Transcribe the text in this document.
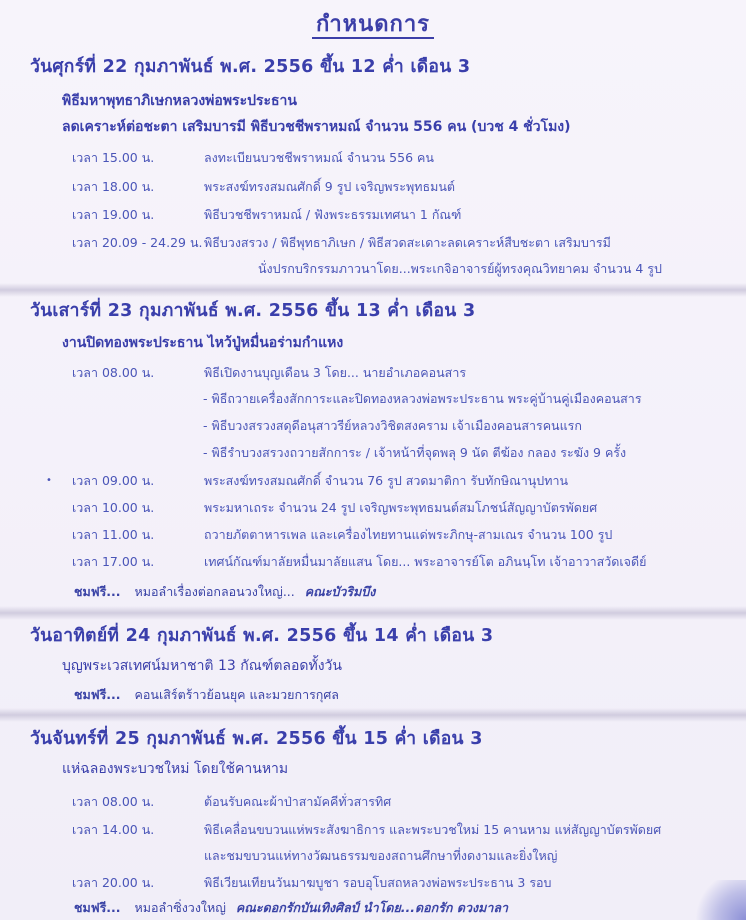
กำหนดการ
วันศุกร์ที่ 22 กุมภาพันธ์ พ.ศ. 2556 ขึ้น 12 ค่ำ เดือน 3
พิธีมหาพุทธาภิเษกหลวงพ่อพระประธาน
ลดเคราะห์ต่อชะตา เสริมบารมี พิธีบวชชีพราหมณ์ จำนวน 556 คน (บวช 4 ชั่วโมง)
เวลา 15.00 น.	ลงทะเบียนบวชชีพราหมณ์ จำนวน 556 คน
เวลา 18.00 น.	พระสงฆ์ทรงสมณศักดิ์ 9 รูป เจริญพระพุทธมนต์
เวลา 19.00 น.	พิธีบวชชีพราหมณ์ / ฟังพระธรรมเทศนา 1 กัณฑ์
เวลา 20.09 - 24.29 น. พิธีบวงสรวง / พิธีพุทธาภิเษก / พิธีสวดสะเดาะลดเคราะห์สืบชะตา เสริมบารมี
นั่งปรกบริกรรมภาวนาโดย...พระเกจิอาจารย์ผู้ทรงคุณวิทยาคม จำนวน 4 รูป
วันเสาร์ที่ 23 กุมภาพันธ์ พ.ศ. 2556 ขึ้น 13 ค่ำ เดือน 3
งานปิดทองพระประธาน ไหว้ปู่หมื่นอร่ามกำแหง
เวลา 08.00 น.	พิธีเปิดงานบุญเดือน 3 โดย... นายอำเภอคอนสาร
- พิธีถวายเครื่องสักการะและปิดทองหลวงพ่อพระประธาน พระคู่บ้านคู่เมืองคอนสาร
- พิธีบวงสรวงสดุดีอนุสาวรีย์หลวงวิชิตสงคราม เจ้าเมืองคอนสารคนแรก
- พิธีรำบวงสรวงถวายสักการะ / เจ้าหน้าที่จุดพลุ 9 นัด ตีฆ้อง กลอง ระฆัง 9 ครั้ง
• เวลา 09.00 น.	พระสงฆ์ทรงสมณศักดิ์ จำนวน 76 รูป สวดมาติกา รับทักษิณานุปทาน
เวลา 10.00 น.	พระมหาเถระ จำนวน 24 รูป เจริญพระพุทธมนต์สมโภชน์สัญญาบัตรพัดยศ
เวลา 11.00 น.	ถวายภัตตาหารเพล และเครื่องไทยทานแด่พระภิกษุ-สามเณร จำนวน 100 รูป
เวลา 17.00 น.	เทศน์กัณฑ์มาลัยหมื่นมาลัยแสน โดย... พระอาจารย์โต อภินนฺโท เจ้าอาวาสวัดเจดีย์
ชมฟรี... หมอลำเรื่องต่อกลอนวงใหญ่... คณะบัวริมบึง
วันอาทิตย์ที่ 24 กุมภาพันธ์ พ.ศ. 2556 ขึ้น 14 ค่ำ เดือน 3
บุญพระเวสเทศน์มหาชาติ 13 กัณฑ์ตลอดทั้งวัน
ชมฟรี... คอนเสิร์ตร้าวย้อนยุค และมวยการกุศล
วันจันทร์ที่ 25 กุมภาพันธ์ พ.ศ. 2556 ขึ้น 15 ค่ำ เดือน 3
แห่ฉลองพระบวชใหม่ โดยใช้คานหาม
เวลา 08.00 น.	ต้อนรับคณะผ้าป่าสามัคคีทั่วสารทิศ
เวลา 14.00 น.	พิธีเคลื่อนขบวนแห่พระสังฆาธิการ และพระบวชใหม่ 15 คานหาม แห่สัญญาบัตรพัดยศ
และชมขบวนแห่ทางวัฒนธรรมของสถานศึกษาที่งดงามและยิ่งใหญ่
เวลา 20.00 น.	พิธีเวียนเทียนวันมาฆบูชา รอบอุโบสถหลวงพ่อพระประธาน 3 รอบ
ชมฟรี... หมอลำซิ่งวงใหญ่ คณะดอกรักบันเทิงศิลป์ นำโดย...ดอกรัก ดวงมาลา
